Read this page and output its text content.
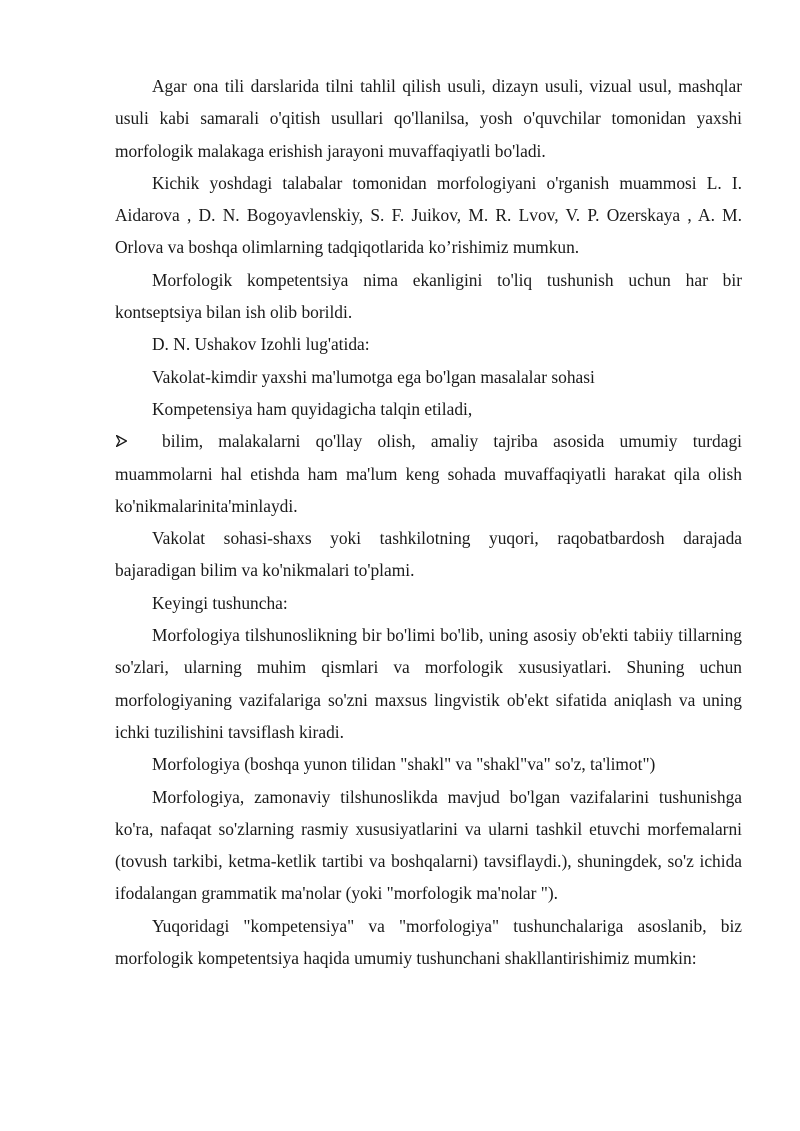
Agar ona tili darslarida tilni tahlil qilish usuli, dizayn usuli, vizual usul, mashqlar usuli kabi samarali o'qitish usullari qo'llanilsa, yosh o'quvchilar tomonidan yaxshi morfologik malakaga erishish jarayoni muvaffaqiyatli bo'ladi.

Kichik yoshdagi talabalar tomonidan morfologiyani o'rganish muammosi L. I. Aidarova , D. N. Bogoyavlenskiy, S. F. Juikov, M. R. Lvov, V. P. Ozerskaya , A. M. Orlova va boshqa olimlarning tadqiqotlarida ko’rishimiz mumkun.

Morfologik kompetentsiya nima ekanligini to'liq tushunish uchun har bir kontseptsiya bilan ish olib borildi.

D. N. Ushakov Izohli lug'atida:

Vakolat-kimdir yaxshi ma'lumotga ega bo'lgan masalalar sohasi

Kompetensiya ham quyidagicha talqin etiladi,

bilim, malakalarni qo'llay olish, amaliy tajriba asosida umumiy turdagi muammolarni hal etishda ham ma'lum keng sohada muvaffaqiyatli harakat qila olish ko'nikmalarinita'minlaydi.

Vakolat sohasi-shaxs yoki tashkilotning yuqori, raqobatbardosh darajada bajaradigan bilim va ko'nikmalari to'plami.

Keyingi tushuncha:

Morfologiya tilshunoslikning bir bo'limi bo'lib, uning asosiy ob'ekti tabiiy tillarning so'zlari, ularning muhim qismlari va morfologik xususiyatlari. Shuning uchun morfologiyaning vazifalariga so'zni maxsus lingvistik ob'ekt sifatida aniqlash va uning ichki tuzilishini tavsiflash kiradi.

Morfologiya (boshqa yunon tilidan "shakl" va "shakl"va" so'z, ta'limot")

Morfologiya, zamonaviy tilshunoslikda mavjud bo'lgan vazifalarini tushunishga ko'ra, nafaqat so'zlarning rasmiy xususiyatlarini va ularni tashkil etuvchi morfemalarni (tovush tarkibi, ketma-ketlik tartibi va boshqalarni) tavsiflaydi.), shuningdek, so'z ichida ifodalangan grammatik ma'nolar (yoki "morfologik ma'nolar ").

Yuqoridagi "kompetensiya" va "morfologiya" tushunchalariga asoslanib, biz morfologik kompetentsiya haqida umumiy tushunchani shakllantirishimiz mumkin:
